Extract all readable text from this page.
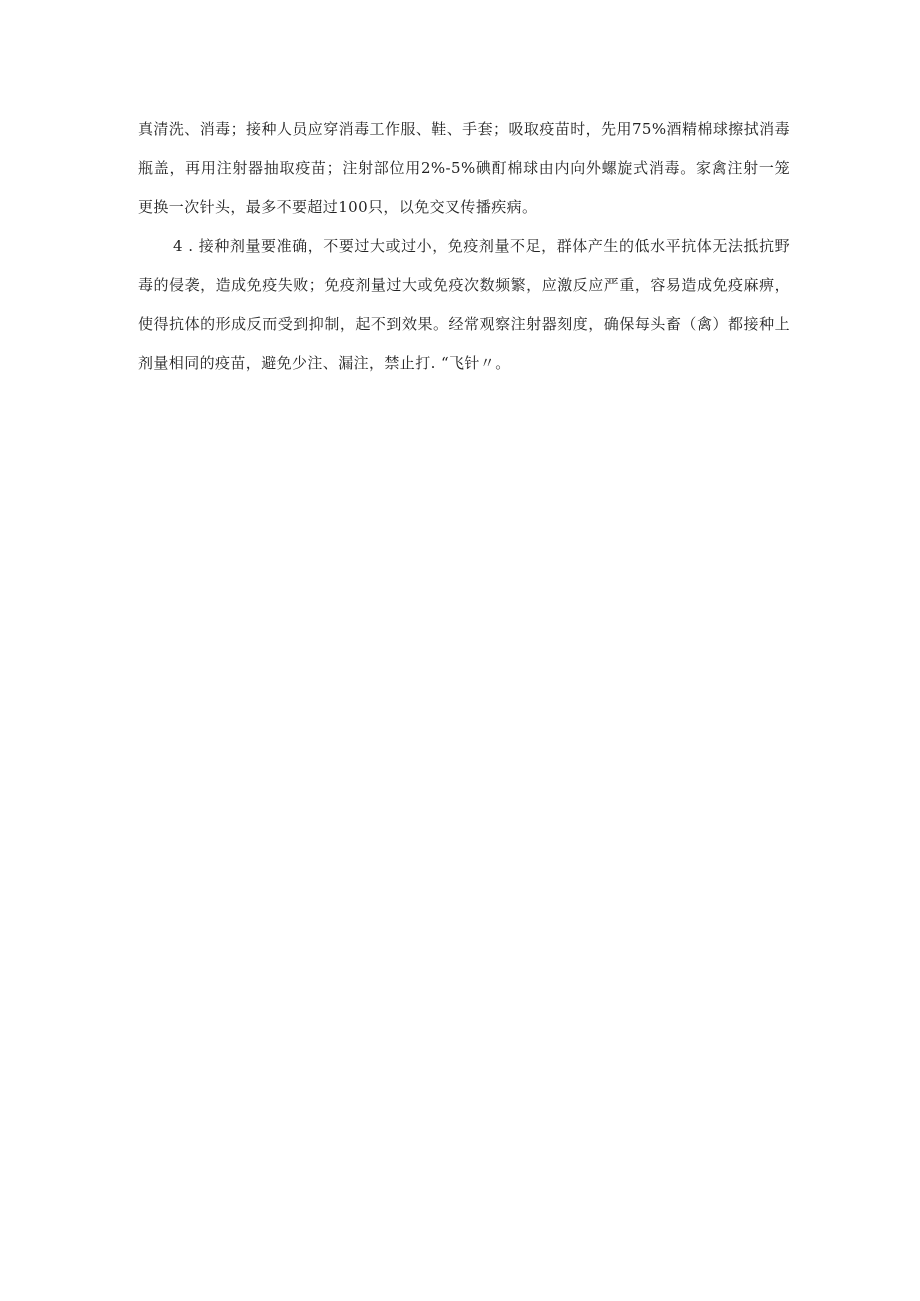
真清洗、消毒；接种人员应穿消毒工作服、鞋、手套；吸取疫苗时，先用75%酒精棉球擦拭消毒
瓶盖，再用注射器抽取疫苗；注射部位用2%-5%碘酊棉球由内向外螺旋式消毒。家禽注射一笼
更换一次针头，最多不要超过100只，以免交叉传播疾病。
4 . 接种剂量要准确，不要过大或过小，免疫剂量不足，群体产生的低水平抗体无法抵抗野
毒的侵袭，造成免疫失败；免疫剂量过大或免疫次数频繁，应激反应严重，容易造成免疫麻痹，
使得抗体的形成反而受到抑制，起不到效果。经常观察注射器刻度，确保每头畜（禽）都接种上
剂量相同的疫苗，避免少注、漏注，禁止打. “飞针〃。
